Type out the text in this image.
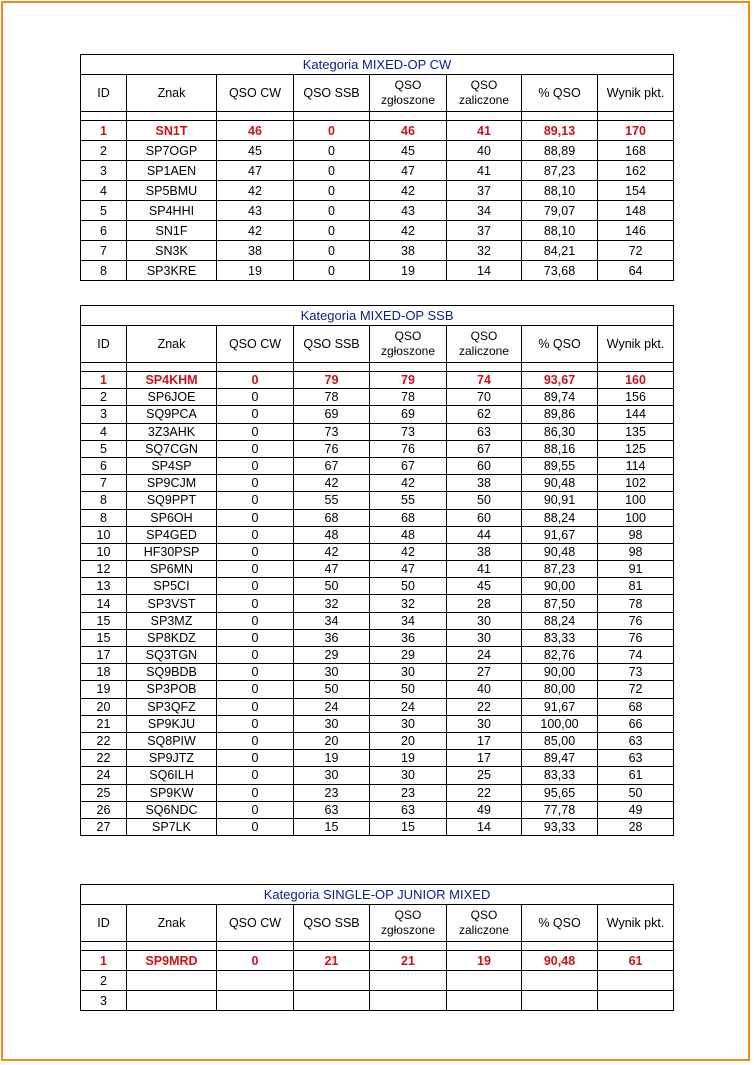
Kategoria MIXED-OP CW							
ID	Znak	QSO CW	QSO SSB	QSO zgłoszone	QSO zaliczone	% QSO	Wynik pkt.

1	SN1T	46	0	46	41	89,13	170
2	SP7OGP	45	0	45	40	88,89	168
3	SP1AEN	47	0	47	41	87,23	162
4	SP5BMU	42	0	42	37	88,10	154
5	SP4HHI	43	0	43	34	79,07	148
6	SN1F	42	0	42	37	88,10	146
7	SN3K	38	0	38	32	84,21	72
8	SP3KRE	19	0	19	14	73,68	64
Kategoria MIXED-OP SSB							
ID	Znak	QSO CW	QSO SSB	QSO zgłoszone	QSO zaliczone	% QSO	Wynik pkt.

1	SP4KHM	0	79	79	74	93,67	160
2	SP6JOE	0	78	78	70	89,74	156
3	SQ9PCA	0	69	69	62	89,86	144
4	3Z3AHK	0	73	73	63	86,30	135
5	SQ7CGN	0	76	76	67	88,16	125
6	SP4SP	0	67	67	60	89,55	114
7	SP9CJM	0	42	42	38	90,48	102
8	SQ9PPT	0	55	55	50	90,91	100
8	SP6OH	0	68	68	60	88,24	100
10	SP4GED	0	48	48	44	91,67	98
10	HF30PSP	0	42	42	38	90,48	98
12	SP6MN	0	47	47	41	87,23	91
13	SP5CI	0	50	50	45	90,00	81
14	SP3VST	0	32	32	28	87,50	78
15	SP3MZ	0	34	34	30	88,24	76
15	SP8KDZ	0	36	36	30	83,33	76
17	SQ3TGN	0	29	29	24	82,76	74
18	SQ9BDB	0	30	30	27	90,00	73
19	SP3POB	0	50	50	40	80,00	72
20	SP3QFZ	0	24	24	22	91,67	68
21	SP9KJU	0	30	30	30	100,00	66
22	SQ8PIW	0	20	20	17	85,00	63
22	SP9JTZ	0	19	19	17	89,47	63
24	SQ6ILH	0	30	30	25	83,33	61
25	SP9KW	0	23	23	22	95,65	50
26	SQ6NDC	0	63	63	49	77,78	49
27	SP7LK	0	15	15	14	93,33	28
Kategoria SINGLE-OP JUNIOR MIXED							
ID	Znak	QSO CW	QSO SSB	QSO zgłoszone	QSO zaliczone	% QSO	Wynik pkt.

1	SP9MRD	0	21	21	19	90,48	61
2							
3							
